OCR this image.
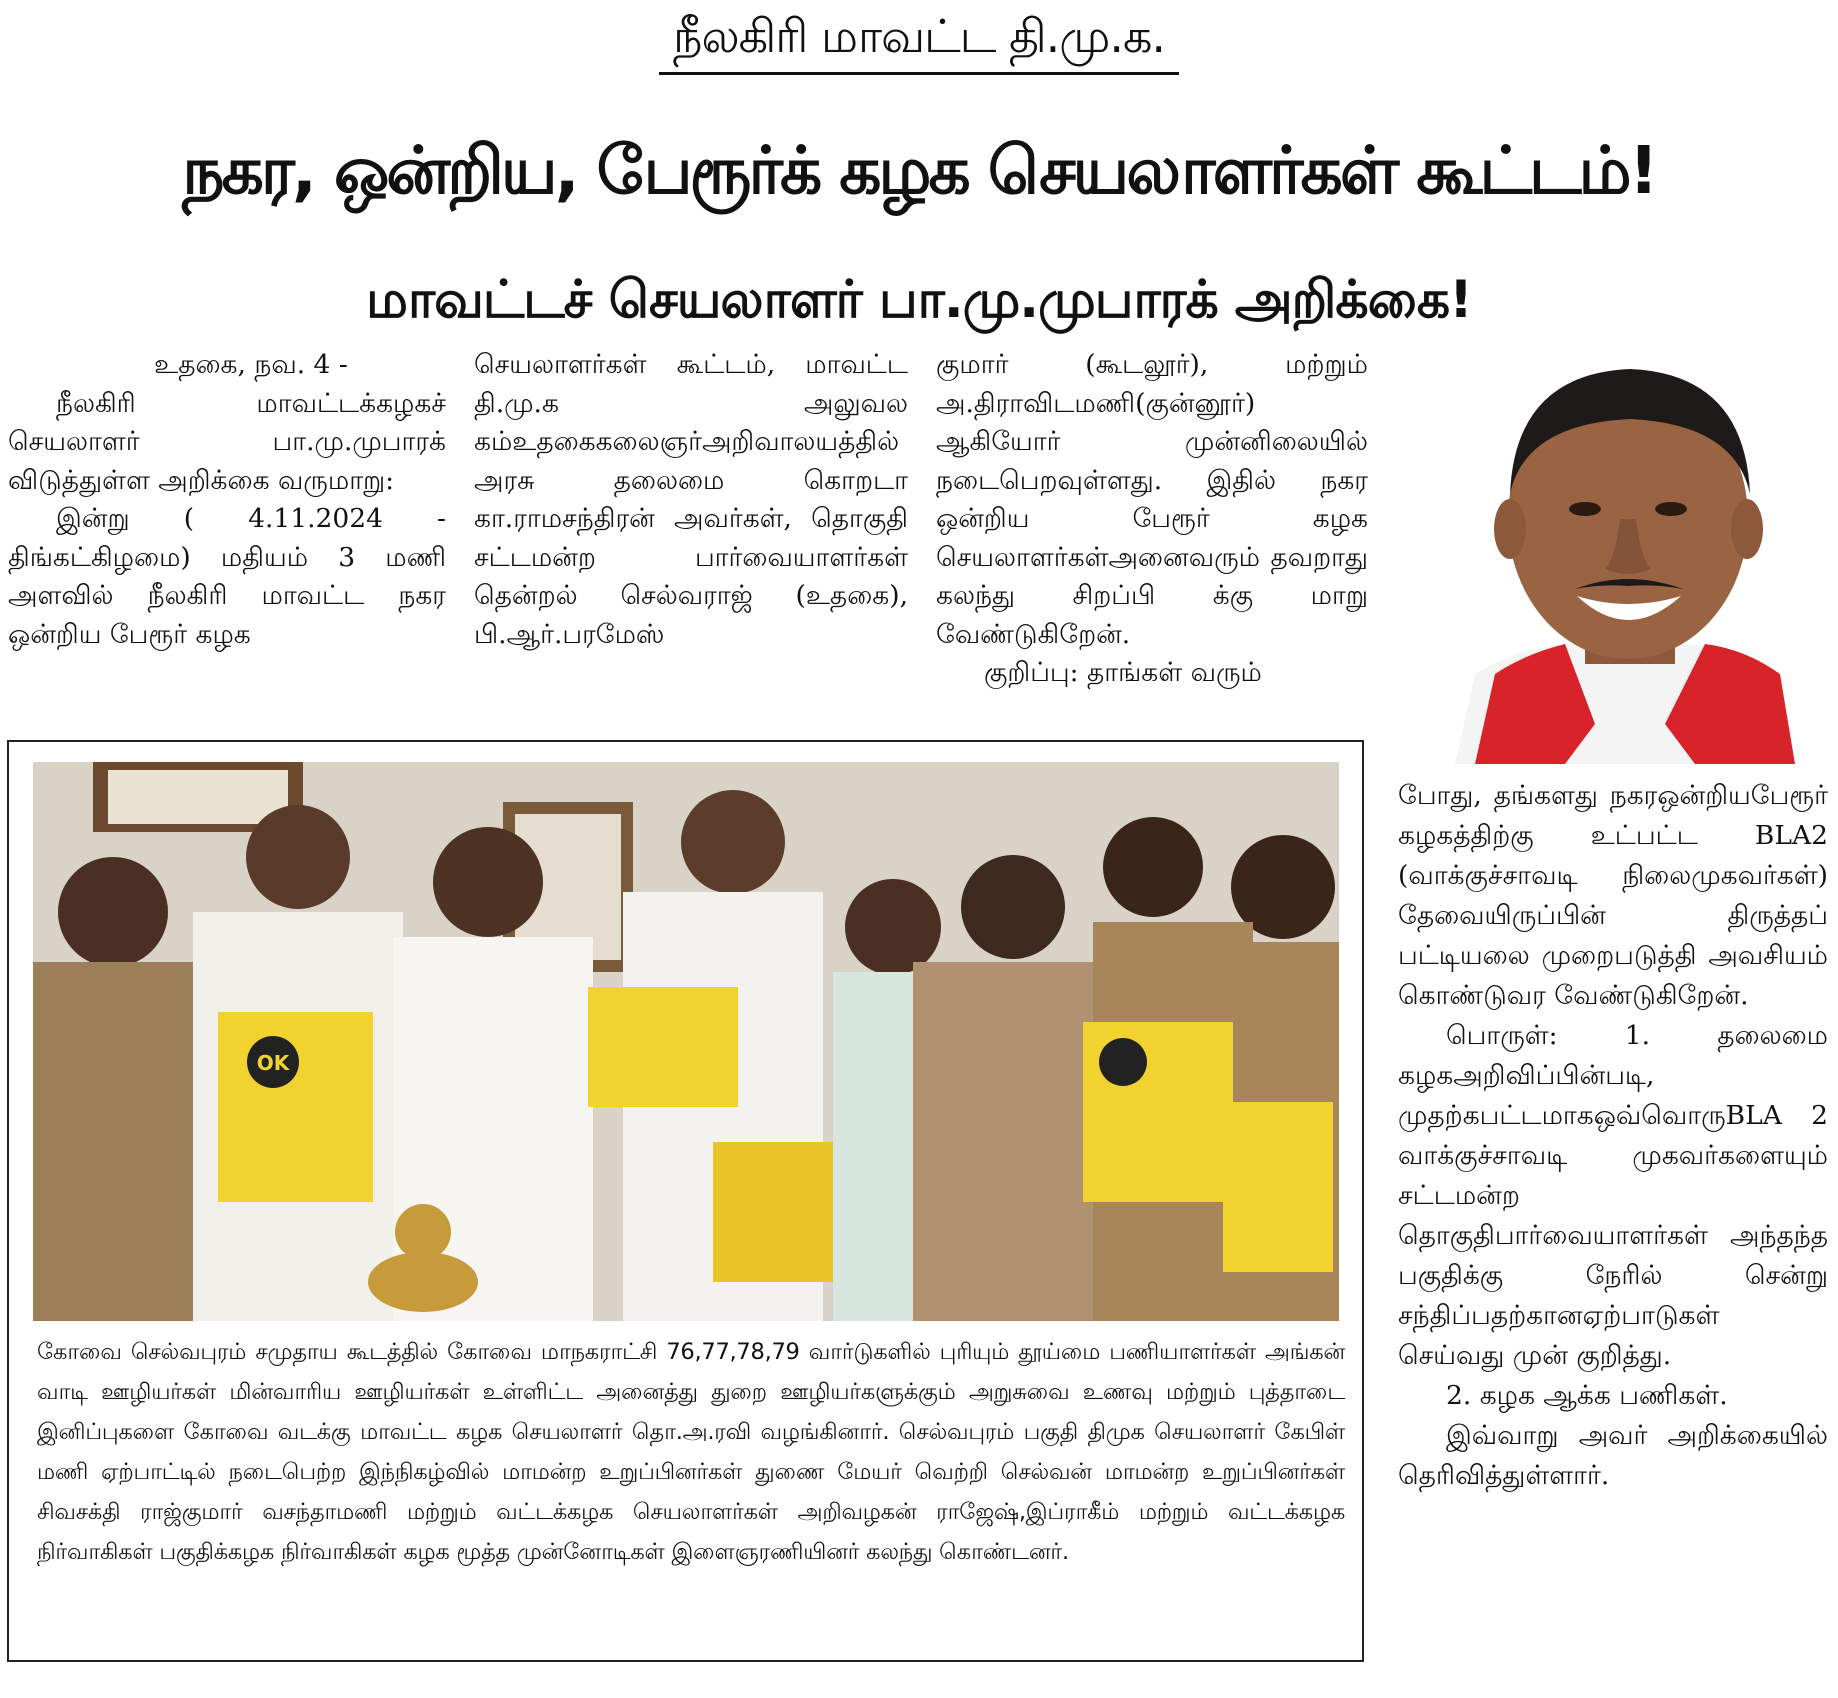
நீலகிரி மாவட்ட தி.மு.க.
நகர, ஒன்றிய, பேரூர்க் கழக செயலாளர்கள் கூட்டம்!
மாவட்டச் செயலாளர் பா.மு.முபாரக் அறிக்கை!

உதகை, நவ. 4 -

நீலகிரி மாவட்டக்கழகச் செயலாளர் பா.மு.முபாரக் விடுத்துள்ள அறிக்கை வருமாறு:

இன்று ( 4.11.2024 - திங்கட்கிழமை) மதியம் 3 மணி அளவில் நீலகிரி மாவட்ட நகர ஒன்றிய பேரூர் கழக

செயலாளர்கள் கூட்டம், மாவட்ட தி.மு.க அலுவல கம்உதகைகலைஞர்அறிவாலயத்தில் அரசு தலைமை கொறடா கா.ராமசந்திரன் அவர்கள், தொகுதி சட்டமன்ற பார்வையாளர்கள் தென்றல் செல்வராஜ் (உதகை), பி.ஆர்.பரமேஸ்

குமார் (கூடலூர்), மற்றும் அ.திராவிடமணி(குன்னூர்) ஆகியோர் முன்னிலையில் நடைபெறவுள்ளது. இதில் நகர ஒன்றிய பேரூர் கழக செயலாளர்கள்அனைவரும் தவறாது கலந்து சிறப்பி க்கு மாறு வேண்டுகிறேன்.

குறிப்பு: தாங்கள் வரும்

OK
கோவை செல்வபுரம் சமுதாய கூடத்தில் கோவை மாநகராட்சி 76,77,78,79 வார்டுகளில் புரியும் தூய்மை பணியாளர்கள் அங்கன் வாடி ஊழியர்கள் மின்வாரிய ஊழியர்கள் உள்ளிட்ட அனைத்து துறை ஊழியர்களுக்கும் அறுசுவை உணவு மற்றும் புத்தாடை இனிப்புகளை கோவை வடக்கு மாவட்ட கழக செயலாளர் தொ.அ.ரவி வழங்கினார். செல்வபுரம் பகுதி திமுக செயலாளர் கேபிள் மணி ஏற்பாட்டில் நடைபெற்ற இந்நிகழ்வில் மாமன்ற உறுப்பினர்கள் துணை மேயர் வெற்றி செல்வன் மாமன்ற உறுப்பினர்கள் சிவசக்தி ராஜ்குமார் வசந்தாமணி மற்றும் வட்டக்கழக செயலாளர்கள் அறிவழகன் ராஜேஷ்,இப்ராகீம் மற்றும் வட்டக்கழக நிர்வாகிகள் பகுதிக்கழக நிர்வாகிகள் கழக மூத்த முன்னோடிகள் இளைஞரணியினர் கலந்து கொண்டனர்.

போது, தங்களது நகரஒன்றியபேரூர் கழகத்திற்கு உட்பட்ட BLA2 (வாக்குச்சாவடி நிலைமுகவர்கள்) தேவையிருப்பின் திருத்தப் பட்டியலை முறைபடுத்தி அவசியம் கொண்டுவர வேண்டுகிறேன்.

பொருள்: 1. தலைமை கழகஅறிவிப்பின்படி, முதற்கபட்டமாகஒவ்வொருBLA 2 வாக்குச்சாவடி முகவர்களையும் சட்டமன்ற தொகுதிபார்வையாளர்கள் அந்தந்த பகுதிக்கு நேரில் சென்று சந்திப்பதற்கானஏற்பாடுகள் செய்வது முன் குறித்து.

2. கழக ஆக்க பணிகள்.

இவ்வாறு அவர் அறிக்கையில் தெரிவித்துள்ளார்.
